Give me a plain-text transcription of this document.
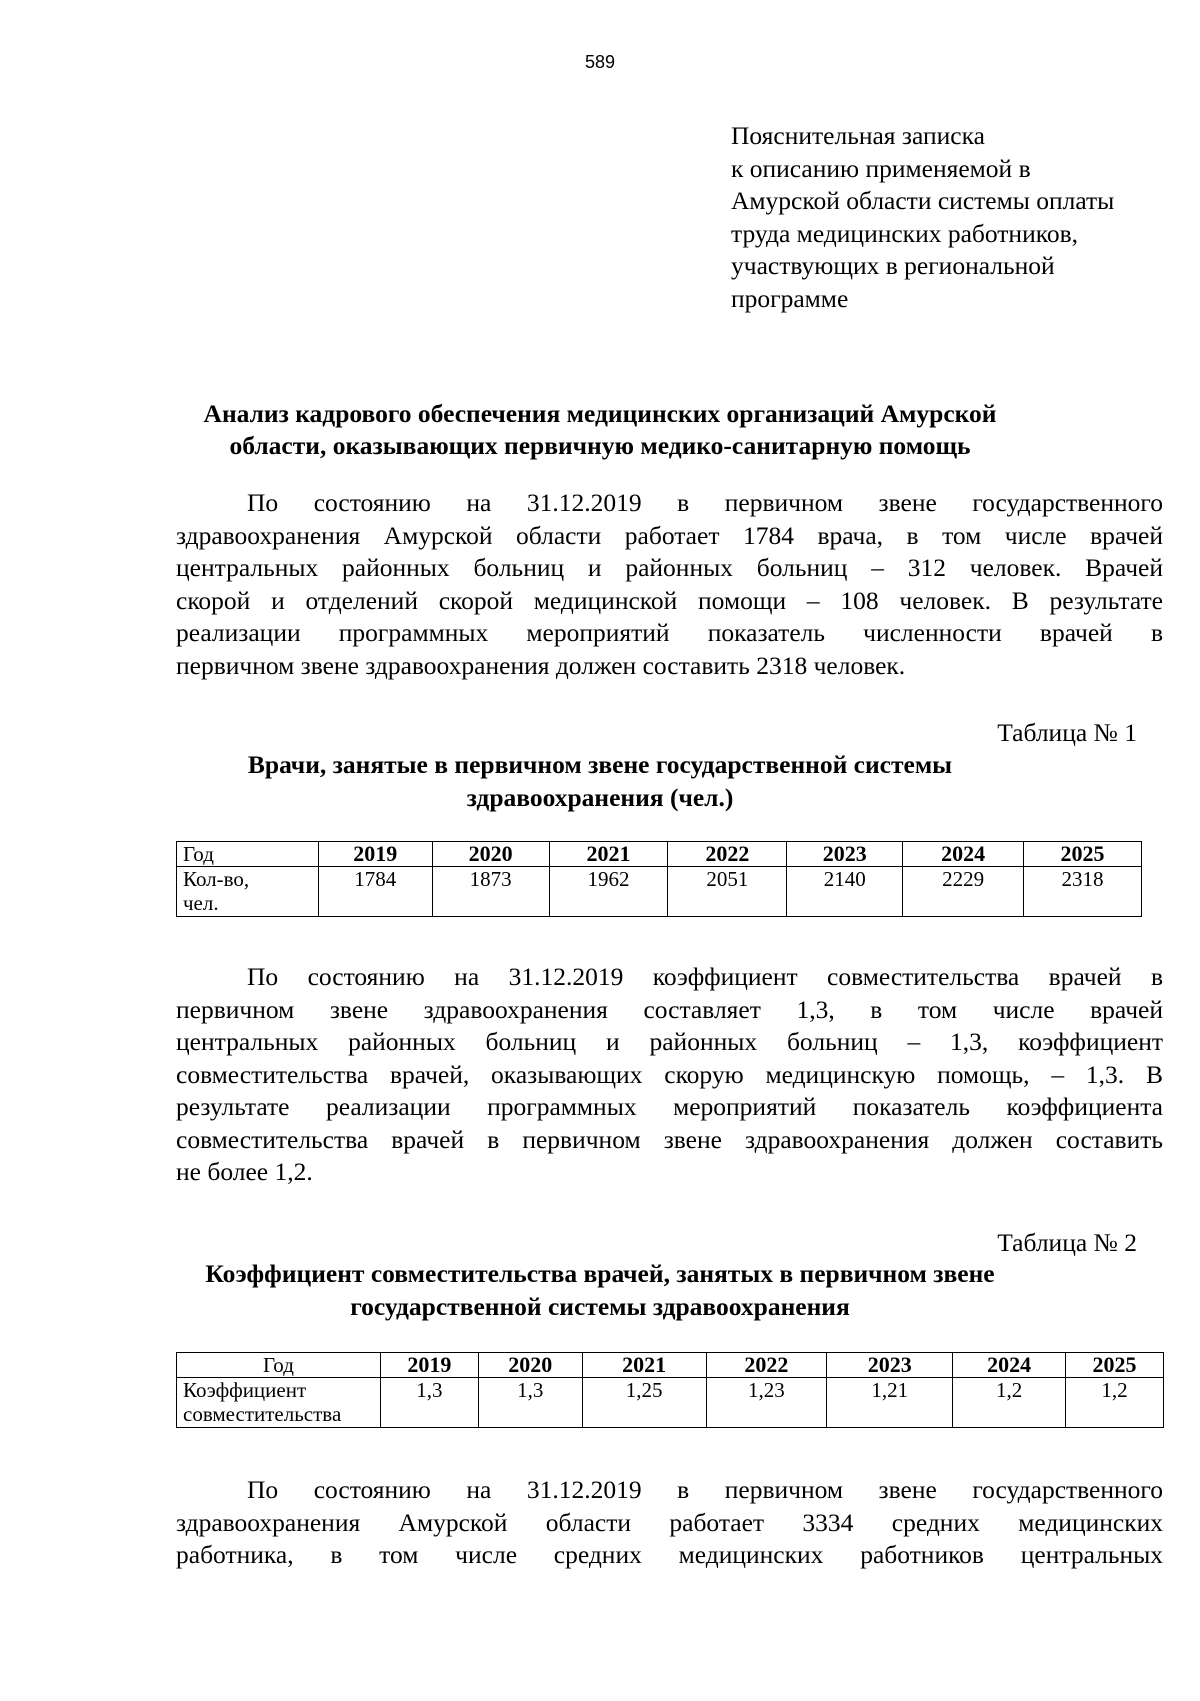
589
Пояснительная записка
к описанию применяемой в
Амурской области системы оплаты
труда медицинских работников,
участвующих в региональной
программе
Анализ кадрового обеспечения медицинских организаций Амурской
области, оказывающих первичную медико-санитарную помощь
По состоянию на 31.12.2019 в первичном звене государственного
здравоохранения Амурской области работает 1784 врача, в том числе врачей
центральных районных больниц и районных больниц – 312 человек. Врачей
скорой и отделений скорой медицинской помощи – 108 человек. В результате
реализации программных мероприятий показатель численности врачей в
первичном звене здравоохранения должен составить 2318 человек.
Таблица № 1
Врачи, занятые в первичном звене государственной системы
здравоохранения (чел.)
Год	2019	2020	2021	2022	2023	2024	2025

Кол-во,
чел.	1784	1873	1962	2051	2140	2229	2318
По состоянию на 31.12.2019 коэффициент совместительства врачей в
первичном звене здравоохранения составляет 1,3, в том числе врачей
центральных районных больниц и районных больниц – 1,3, коэффициент
совместительства врачей, оказывающих скорую медицинскую помощь, – 1,3. В
результате реализации программных мероприятий показатель коэффициента
совместительства врачей в первичном звене здравоохранения должен составить
не более 1,2.
Таблица № 2
Коэффициент совместительства врачей, занятых в первичном звене
государственной системы здравоохранения
Год	2019	2020	2021	2022	2023	2024	2025

Коэффициент
совместительства	1,3	1,3	1,25	1,23	1,21	1,2	1,2
По состоянию на 31.12.2019 в первичном звене государственного
здравоохранения Амурской области работает 3334 средних медицинских
работника, в том числе средних медицинских работников центральных
